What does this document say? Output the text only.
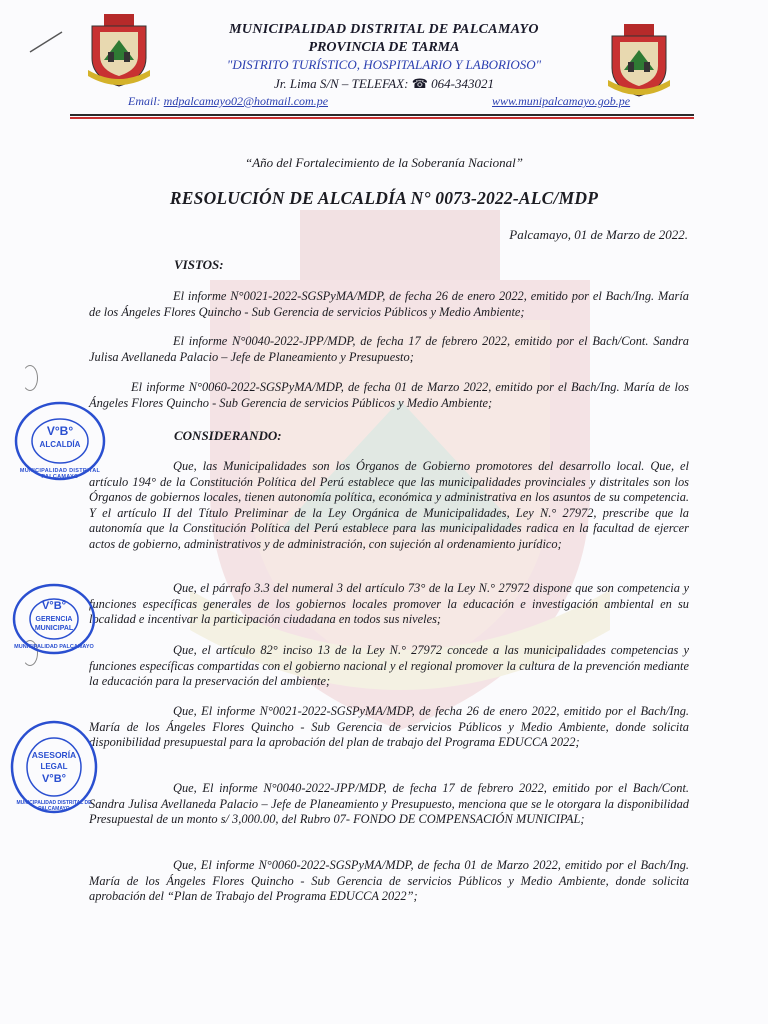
MUNICIPALIDAD DISTRITAL DE PALCAMAYO
PROVINCIA DE TARMA
"DISTRITO TURÍSTICO, HOSPITALARIO Y LABORIOSO"
Jr. Lima S/N – TELEFAX: ☎ 064-343021
Email: mdpalcamayo02@hotmail.com.pe	www.munipalcamayo.gob.pe
“Año del Fortalecimiento de la Soberanía Nacional”
RESOLUCIÓN DE ALCALDÍA N° 0073-2022-ALC/MDP
Palcamayo, 01 de Marzo de 2022.
VISTOS:
El informe N°0021-2022-SGSPyMA/MDP, de fecha 26 de enero 2022, emitido por el Bach/Ing. María de los Ángeles Flores Quincho - Sub Gerencia de servicios Públicos y Medio Ambiente;
El informe N°0040-2022-JPP/MDP, de fecha 17 de febrero 2022, emitido por el Bach/Cont. Sandra Julisa Avellaneda Palacio – Jefe de Planeamiento y Presupuesto;
El informe N°0060-2022-SGSPyMA/MDP, de fecha 01 de Marzo 2022, emitido por el Bach/Ing. María de los Ángeles Flores Quincho - Sub Gerencia de servicios Públicos y Medio Ambiente;
CONSIDERANDO:
Que, las Municipalidades son los Órganos de Gobierno promotores del desarrollo local. Que, el artículo 194° de la Constitución Política del Perú establece que las municipalidades provinciales y distritales son los Órganos de gobiernos locales, tienen autonomía política, económica y administrativa en los asuntos de su competencia. Y el artículo II del Título Preliminar de la Ley Orgánica de Municipalidades, Ley N.° 27972, prescribe que la autonomía que la Constitución Política del Perú establece para las municipalidades radica en la facultad de ejercer actos de gobierno, administrativos y de administración, con sujeción al ordenamiento jurídico;
Que, el párrafo 3.3 del numeral 3 del artículo 73° de la Ley N.° 27972 dispone que son competencia y funciones específicas generales de los gobiernos locales promover la educación e investigación ambiental en su localidad e incentivar la participación ciudadana en todos sus niveles;
Que, el artículo 82° inciso 13 de la Ley N.° 27972 concede a las municipalidades competencias y funciones específicas compartidas con el gobierno nacional y el regional promover la cultura de la prevención mediante la educación para la preservación del ambiente;
Que, El informe N°0021-2022-SGSPyMA/MDP, de fecha 26 de enero 2022, emitido por el Bach/Ing. María de los Ángeles Flores Quincho - Sub Gerencia de servicios Públicos y Medio Ambiente, donde solicita disponibilidad presupuestal para la aprobación del plan de trabajo del Programa EDUCCA 2022;
Que, El informe N°0040-2022-JPP/MDP, de fecha 17 de febrero 2022, emitido por el Bach/Cont. Sandra Julisa Avellaneda Palacio – Jefe de Planeamiento y Presupuesto, menciona que se le otorgara la disponibilidad Presupuestal de un monto s/ 3,000.00, del Rubro 07- FONDO DE COMPENSACIÓN MUNICIPAL;
Que, El informe N°0060-2022-SGSPyMA/MDP, de fecha 01 de Marzo 2022, emitido por el Bach/Ing. María de los Ángeles Flores Quincho - Sub Gerencia de servicios Públicos y Medio Ambiente, donde solicita aprobación del “Plan de Trabajo del Programa EDUCCA 2022”;
V°B°
ALCALDÍA
MUNICIPALIDAD DISTRITAL PALCAMAYO
V°B°
GERENCIA
MUNICIPAL
MUNICIPALIDAD PALCAMAYO
ASESORÍA
LEGAL
V°B°
MUNICIPALIDAD DISTRITAL DE PALCAMAYO
